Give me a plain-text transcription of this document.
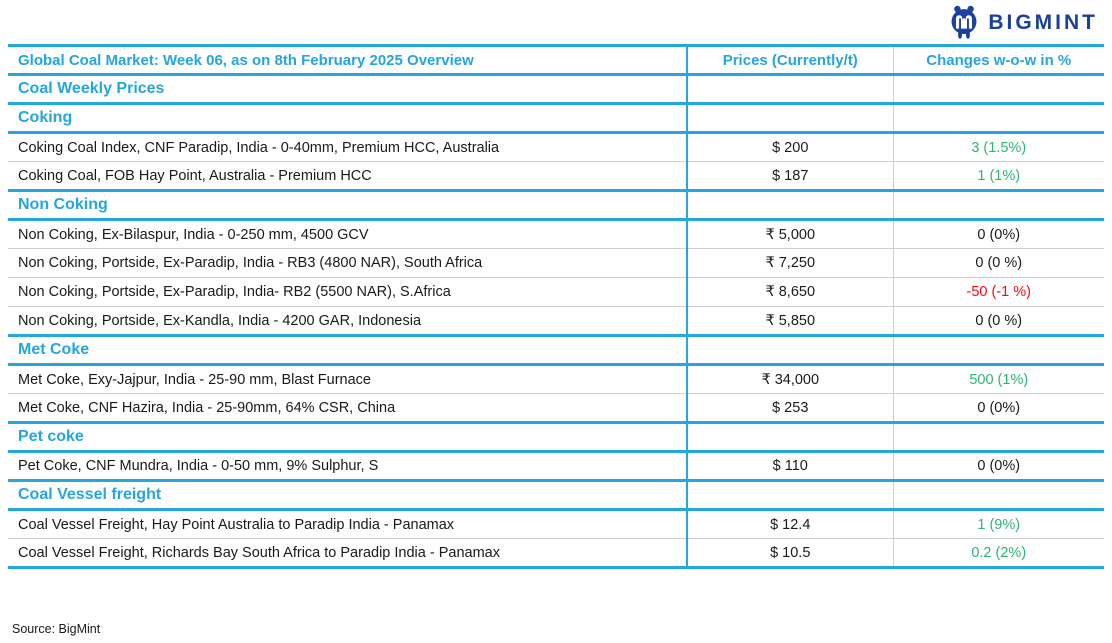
BIGMINT
Global Coal Market: Week 06, as on 8th February 2025 Overview	Prices (Currently/t)	Changes w-o-w in %
Coal Weekly Prices		
Coking		
Coking Coal Index, CNF Paradip, India - 0-40mm, Premium HCC, Australia	$ 200	3 (1.5%)
Coking Coal, FOB Hay Point, Australia - Premium HCC	$ 187	1 (1%)
Non Coking		
Non Coking, Ex-Bilaspur, India - 0-250 mm, 4500 GCV	₹ 5,000	0 (0%)
Non Coking, Portside, Ex-Paradip, India - RB3 (4800 NAR), South Africa	₹ 7,250	0 (0 %)
Non Coking, Portside, Ex-Paradip, India- RB2 (5500 NAR), S.Africa	₹ 8,650	-50 (-1 %)
Non Coking, Portside, Ex-Kandla, India - 4200 GAR, Indonesia	₹ 5,850	0 (0 %)
Met Coke		
Met Coke, Exy-Jajpur, India - 25-90 mm, Blast Furnace	₹ 34,000	500 (1%)
Met Coke, CNF Hazira, India - 25-90mm, 64% CSR, China	$ 253	0 (0%)
Pet coke		
Pet Coke, CNF Mundra, India - 0-50 mm, 9% Sulphur, S	$ 110	0 (0%)
Coal Vessel freight		
Coal Vessel Freight, Hay Point Australia to Paradip India - Panamax	$ 12.4	1 (9%)
Coal Vessel Freight, Richards Bay South Africa to Paradip India - Panamax	$ 10.5	0.2 (2%)
Source: BigMint
